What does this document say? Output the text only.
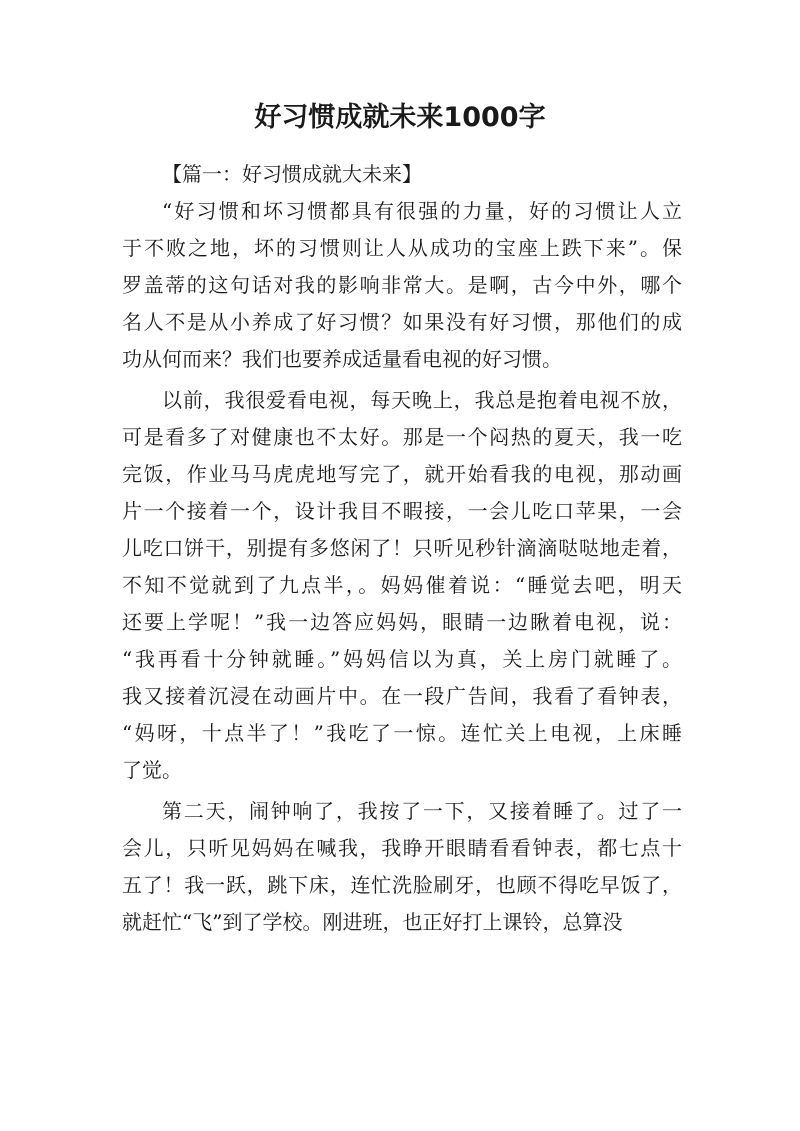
好习惯成就未来1000字

【篇一：好习惯成就大未来】

“好习惯和坏习惯都具有很强的力量，好的习惯让人立
于不败之地，坏的习惯则让人从成功的宝座上跌下来”。保
罗盖蒂的这句话对我的影响非常大。是啊，古今中外，哪个
名人不是从小养成了好习惯？如果没有好习惯，那他们的成
功从何而来？我们也要养成适量看电视的好习惯。
以前，我很爱看电视，每天晚上，我总是抱着电视不放，
可是看多了对健康也不太好。那是一个闷热的夏天，我一吃
完饭，作业马马虎虎地写完了，就开始看我的电视，那动画
片一个接着一个，设计我目不暇接，一会儿吃口苹果，一会
儿吃口饼干，别提有多悠闲了！只听见秒针滴滴哒哒地走着，
不知不觉就到了九点半，。妈妈催着说：“睡觉去吧，明天
还要上学呢！”我一边答应妈妈，眼睛一边瞅着电视，说：
“我再看十分钟就睡。”妈妈信以为真，关上房门就睡了。
我又接着沉浸在动画片中。在一段广告间，我看了看钟表，
“妈呀，十点半了！”我吃了一惊。连忙关上电视，上床睡
了觉。
第二天，闹钟响了，我按了一下，又接着睡了。过了一
会儿，只听见妈妈在喊我，我睁开眼睛看看钟表，都七点十
五了！我一跃，跳下床，连忙洗脸刷牙，也顾不得吃早饭了，
就赶忙“飞”到了学校。刚进班，也正好打上课铃，总算没
